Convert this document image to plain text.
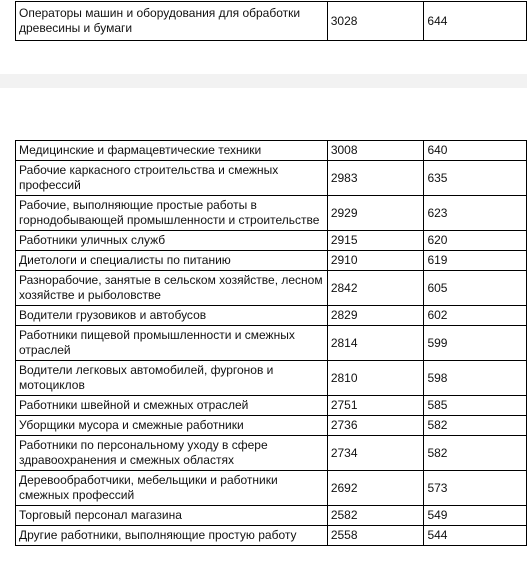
Операторы машин и оборудования для обработки древесины и бумаги	3028	644
Медицинские и фармацевтические техники	3008	640
Рабочие каркасного строительства и смежных профессий	2983	635
Рабочие, выполняющие простые работы в горнодобывающей промышленности и строительстве	2929	623
Работники уличных служб	2915	620
Диетологи и специалисты по питанию	2910	619
Разнорабочие, занятые в сельском хозяйстве, лесном хозяйстве и рыболовстве	2842	605
Водители грузовиков и автобусов	2829	602
Работники пищевой промышленности и смежных отраслей	2814	599
Водители легковых автомобилей, фургонов и мотоциклов	2810	598
Работники швейной и смежных отраслей	2751	585
Уборщики мусора и смежные работники	2736	582
Работники по персональному уходу в сфере здравоохранения и смежных областях	2734	582
Деревообработчики, мебельщики и работники смежных профессий	2692	573
Торговый персонал магазина	2582	549
Другие работники, выполняющие простую работу	2558	544
